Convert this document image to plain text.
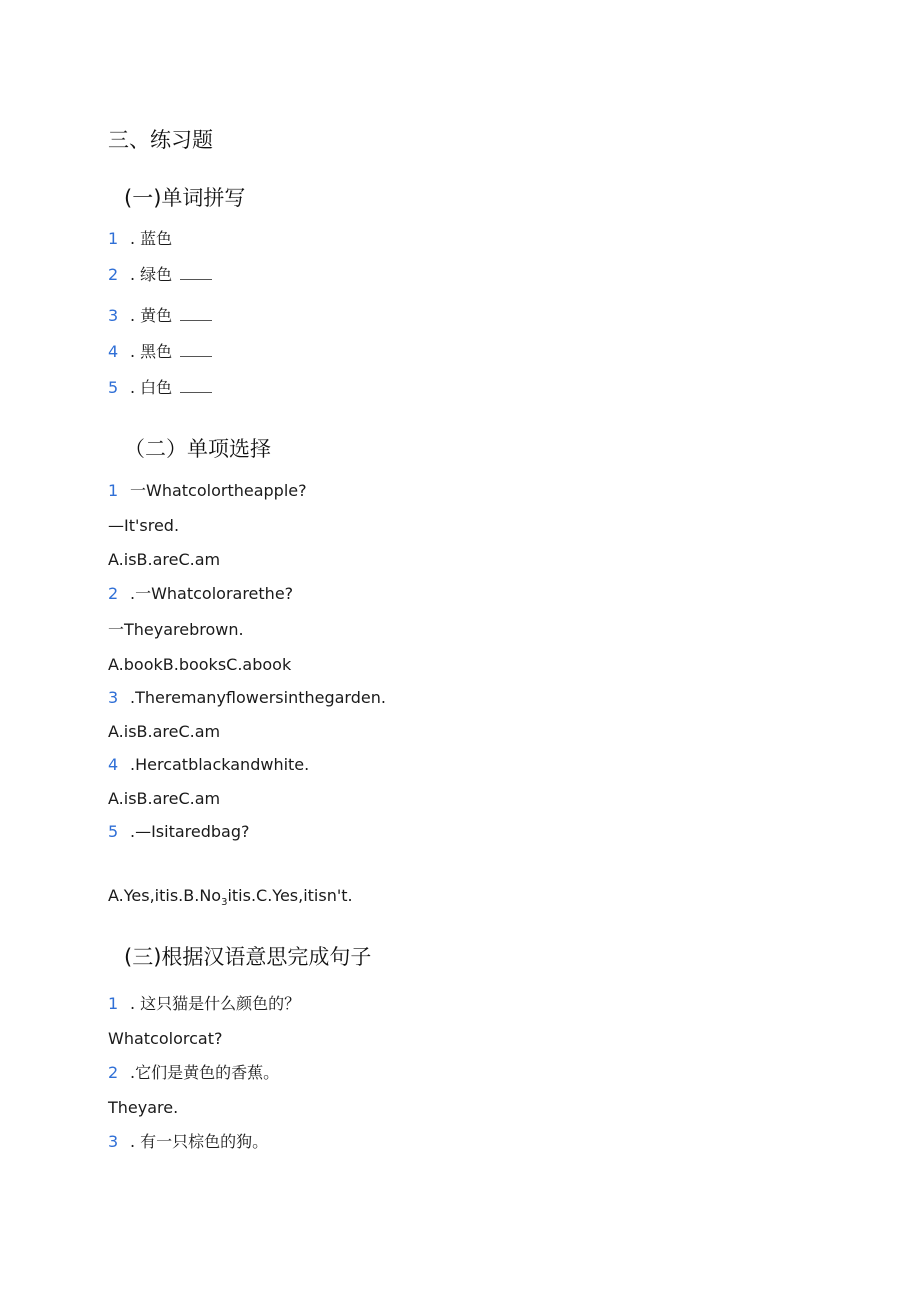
三、练习题
(一)单词拼写
1 . 蓝色
2 . 绿色
3 . 黄色
4 . 黑色
5 . 白色
（二）单项选择
1 一Whatcolortheapple?
—It'sred.
A.isB.areC.am
2 .一Whatcolorarethe?
一Theyarebrown.
A.bookB.booksC.abook
3 .Theremanyflowersinthegarden.
A.isB.areC.am
4 .Hercatblackandwhite.
A.isB.areC.am
5 .—Isitaredbag?
$A.Yes,itis.B.No_3itis.C.Yes,itisn't$.
(三)根据汉语意思完成句子
1 . 这只猫是什么颜色的？
Whatcolorcat?
2 .它们是黄色的香蕉。
Theyare.
3 . 有一只棕色的狗。
